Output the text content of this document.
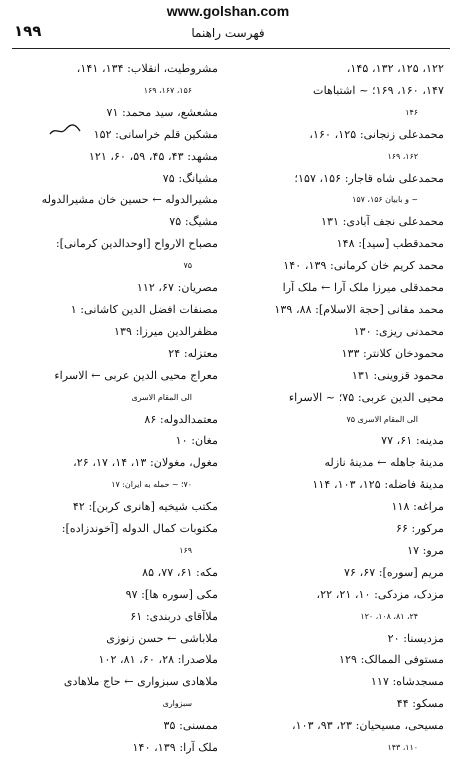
www.golshan.com
۱۹۹	فهرست راهنما
۱۲۲، ۱۲۵، ۱۳۲، ۱۴۵،
۱۴۷، ۱۶۰، ۱۶۹؛ ~ اشتباهات
۱۴۶
محمدعلی زنجانی: ۱۲۵، ۱۶۰،
۱۶۲، ۱۶۹
محمدعلی شاه قاجار: ۱۵۶، ۱۵۷؛
~ و بابیان ۱۵۶، ۱۵۷
محمدعلی نجف آبادی: ۱۳۱
محمدقطب [سید]: ۱۴۸
محمد کریم خان کرمانی: ۱۳۹، ۱۴۰
محمدقلی میرزا ملک آرا ← ملک آرا
محمد مقانی [حجة الاسلام]: ۸۸، ۱۳۹
محمدنی ریزی: ۱۳۰
محمودخان کلانتر: ۱۳۳
محمود قزوینی: ۱۳۱
محیی الدین عربی: ۷۵؛ ~ الاسراء
الی المقام الاسری ۷۵
مدینه: ۶۱، ۷۷
مدینهٔ جاهله ← مدینهٔ نازله
مدینهٔ فاضله: ۱۲۵، ۱۰۳، ۱۱۴
مراغه: ۱۱۸
مرکور: ۶۶
مرو: ۱۷
مریم [سوره]: ۶۷، ۷۶
مزدک، مزدکی: ۱۰، ۲۱، ۲۲،
۲۴، ۸۱، ۱۰۸، ۱۲۰
مزدیسنا: ۲۰
مستوفی الممالک: ۱۲۹
مسجدشاه: ۱۱۷
مسکو: ۴۴
مسیحی، مسیحیان: ۲۳، ۹۳، ۱۰۳،
۱۱۰، ۱۴۳
مشروطیت، انقلاب: ۱۳۴، ۱۴۱،
۱۵۶، ۱۶۷، ۱۶۹
مشعشع، سید محمد: ۷۱
مشکین قلم خراسانی: ۱۵۲
مشهد: ۴۳، ۴۵، ۵۹، ۶۰، ۱۲۱
مشیانگ: ۷۵
مشیرالدوله ← حسین خان مشیرالدوله
مشیگ: ۷۵
مصباح الارواح [اوحدالدین کرمانی]:
۷۵
مصریان: ۶۷، ۱۱۲
مصنفات افضل الدین کاشانی: ۱
مظفرالدین میرزا: ۱۳۹
معتزله: ۲۴
معراج محیی الدین عربی ← الاسراء
الی المقام الاسری
معتمدالدوله: ۸۶
مغان: ۱۰
مغول، مغولان: ۱۳، ۱۴، ۱۷، ۲۶،
۷۰؛ ~ حمله به ایران: ۱۷
مکتب شیخیه [هانری کربن]: ۴۲
مکتوبات کمال الدوله [آخوندزاده]:
۱۶۹
مکه: ۶۱، ۷۷، ۸۵
مکی [سوره ها]: ۹۷
ملاآقای دربندی: ۶۱
ملاباشی ← حسن زنوزی
ملاصدرا: ۲۸، ۶۰، ۸۱، ۱۰۲
ملاهادی سبزواری ← حاج ملاهادی
سبزواری
ممسنی: ۳۵
ملک آرا: ۱۳۹، ۱۴۰
